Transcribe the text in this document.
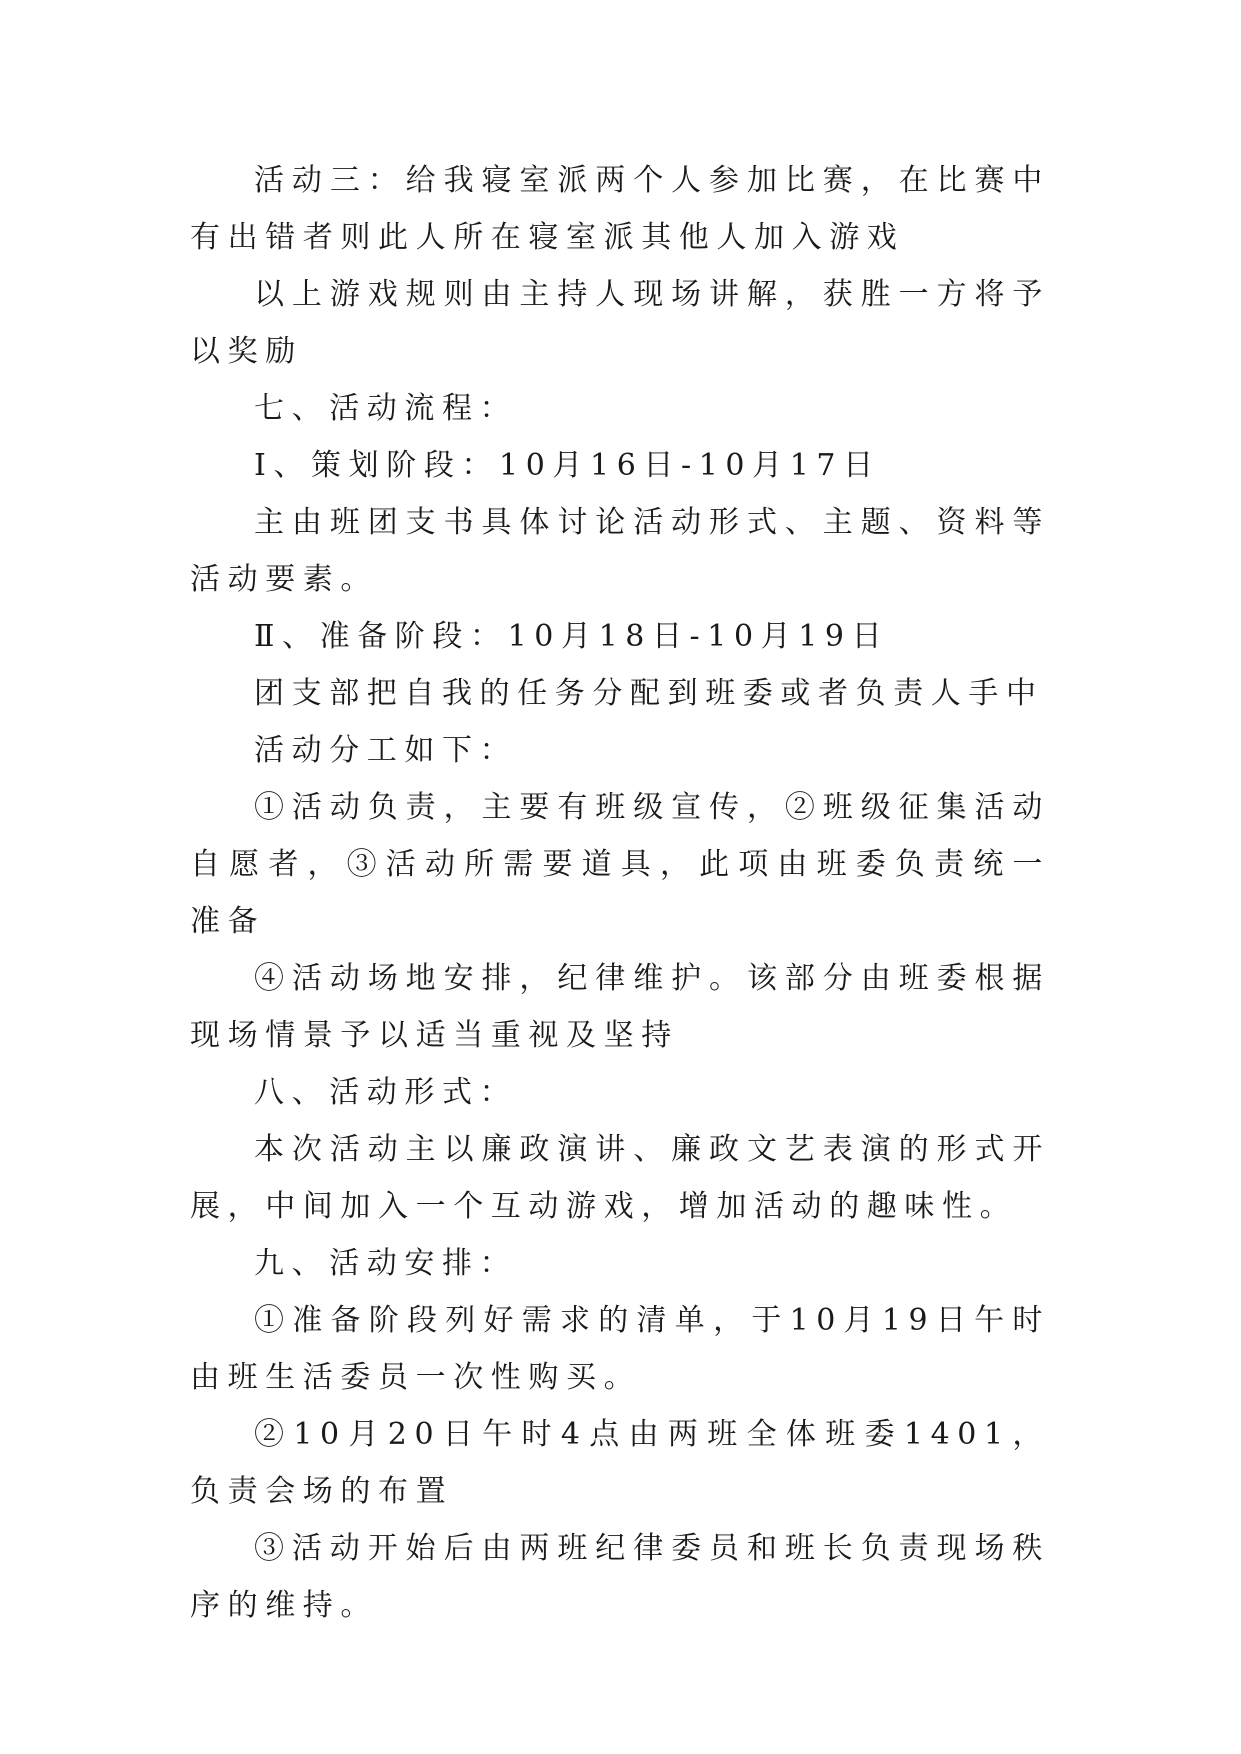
活动三：给我寝室派两个人参加比赛，在比赛中有出错者则此人所在寝室派其他人加入游戏

以上游戏规则由主持人现场讲解，获胜一方将予以奖励

七、活动流程：

Ⅰ、策划阶段：10月16日-10月17日

主由班团支书具体讨论活动形式、主题、资料等活动要素。

Ⅱ、准备阶段：10月18日-10月19日

团支部把自我的任务分配到班委或者负责人手中

活动分工如下：

①活动负责，主要有班级宣传，②班级征集活动自愿者，③活动所需要道具，此项由班委负责统一准备

④活动场地安排，纪律维护。该部分由班委根据现场情景予以适当重视及坚持

八、活动形式：

本次活动主以廉政演讲、廉政文艺表演的形式开展，中间加入一个互动游戏，增加活动的趣味性。

九、活动安排：

①准备阶段列好需求的清单，于10月19日午时由班生活委员一次性购买。

②10月20日午时4点由两班全体班委1401，负责会场的布置

③活动开始后由两班纪律委员和班长负责现场秩序的维持。
